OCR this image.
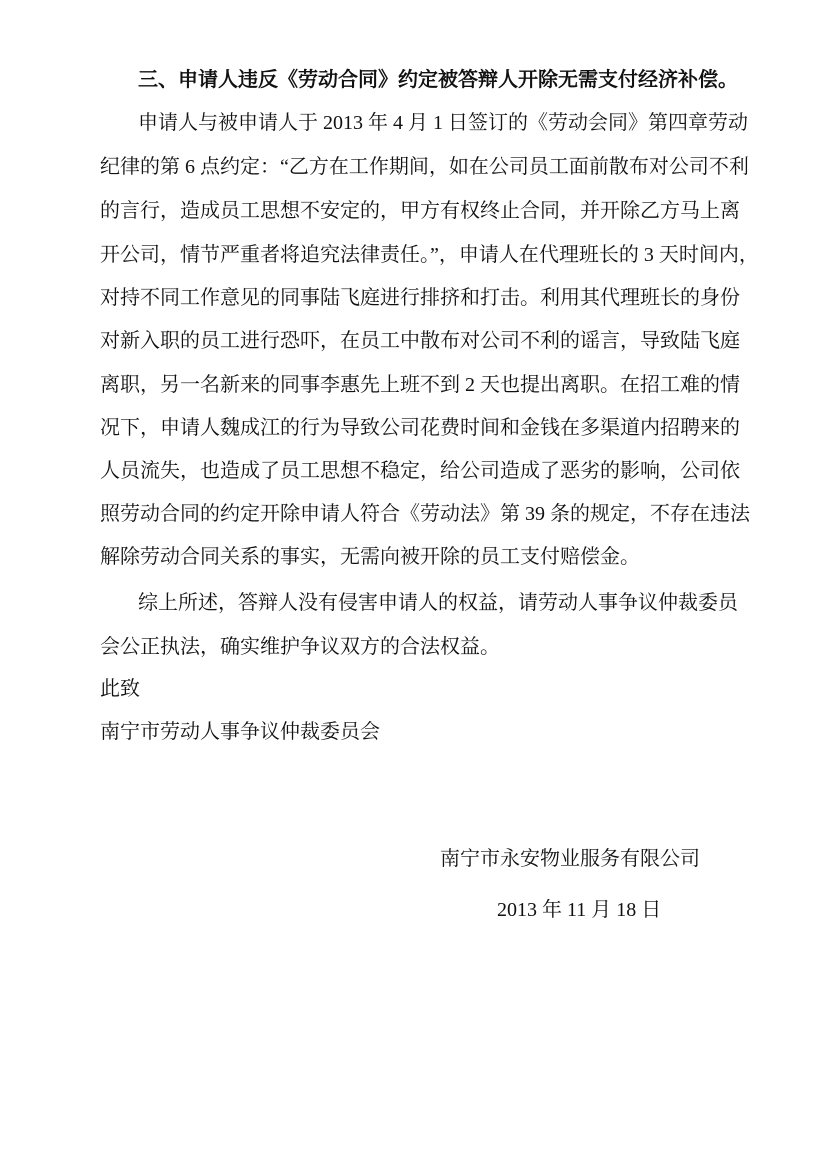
三、申请人违反《劳动合同》约定被答辩人开除无需支付经济补偿。
申请人与被申请人于 2013 年 4 月 1 日签订的《劳动会同》第四章劳动
纪律的第 6 点约定：“乙方在工作期间，如在公司员工面前散布对公司不利
的言行，造成员工思想不安定的，甲方有权终止合同，并开除乙方马上离
开公司，情节严重者将追究法律责任。”，申请人在代理班长的 3 天时间内，
对持不同工作意见的同事陆飞庭进行排挤和打击。利用其代理班长的身份
对新入职的员工进行恐吓，在员工中散布对公司不利的谣言，导致陆飞庭
离职，另一名新来的同事李惠先上班不到 2 天也提出离职。在招工难的情
况下，申请人魏成江的行为导致公司花费时间和金钱在多渠道内招聘来的
人员流失，也造成了员工思想不稳定，给公司造成了恶劣的影响，公司依
照劳动合同的约定开除申请人符合《劳动法》第 39 条的规定，不存在违法
解除劳动合同关系的事实，无需向被开除的员工支付赔偿金。
综上所述，答辩人没有侵害申请人的权益，请劳动人事争议仲裁委员
会公正执法，确实维护争议双方的合法权益。
此致
南宁市劳动人事争议仲裁委员会
南宁市永安物业服务有限公司
2013 年 11 月 18 日
